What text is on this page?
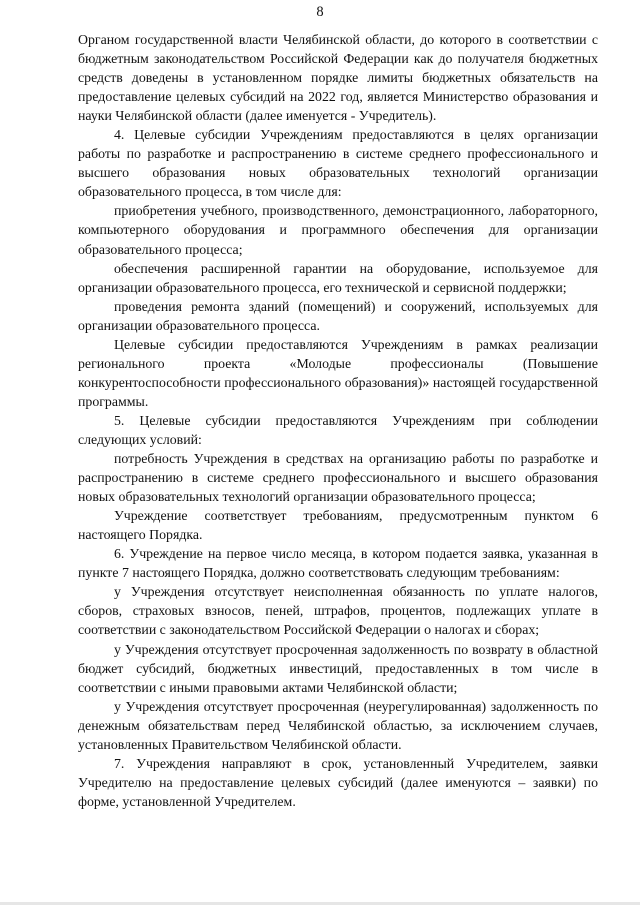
8

Органом государственной власти Челябинской области, до которого в соответствии с бюджетным законодательством Российской Федерации как до получателя бюджетных средств доведены в установленном порядке лимиты бюджетных обязательств на предоставление целевых субсидий на 2022 год, является Министерство образования и науки Челябинской области (далее именуется - Учредитель).

4. Целевые субсидии Учреждениям предоставляются в целях организации работы по разработке и распространению в системе среднего профессионального и высшего образования новых образовательных технологий организации образовательного процесса, в том числе для:

приобретения учебного, производственного, демонстрационного, лабораторного, компьютерного оборудования и программного обеспечения для организации образовательного процесса;

обеспечения расширенной гарантии на оборудование, используемое для организации образовательного процесса, его технической и сервисной поддержки;

проведения ремонта зданий (помещений) и сооружений, используемых для организации образовательного процесса.

Целевые субсидии предоставляются Учреждениям в рамках реализации регионального проекта «Молодые профессионалы (Повышение конкурентоспособности профессионального образования)» настоящей государственной программы.

5. Целевые субсидии предоставляются Учреждениям при соблюдении следующих условий:

потребность Учреждения в средствах на организацию работы по разработке и распространению в системе среднего профессионального и высшего образования новых образовательных технологий организации образовательного процесса;

Учреждение соответствует требованиям, предусмотренным пунктом 6 настоящего Порядка.

6. Учреждение на первое число месяца, в котором подается заявка, указанная в пункте 7 настоящего Порядка, должно соответствовать следующим требованиям:

у Учреждения отсутствует неисполненная обязанность по уплате налогов, сборов, страховых взносов, пеней, штрафов, процентов, подлежащих уплате в соответствии с законодательством Российской Федерации о налогах и сборах;

у Учреждения отсутствует просроченная задолженность по возврату в областной бюджет субсидий, бюджетных инвестиций, предоставленных в том числе в соответствии с иными правовыми актами Челябинской области;

у Учреждения отсутствует просроченная (неурегулированная) задолженность по денежным обязательствам перед Челябинской областью, за исключением случаев, установленных Правительством Челябинской области.

7. Учреждения направляют в срок, установленный Учредителем, заявки Учредителю на предоставление целевых субсидий (далее именуются – заявки) по форме, установленной Учредителем.
